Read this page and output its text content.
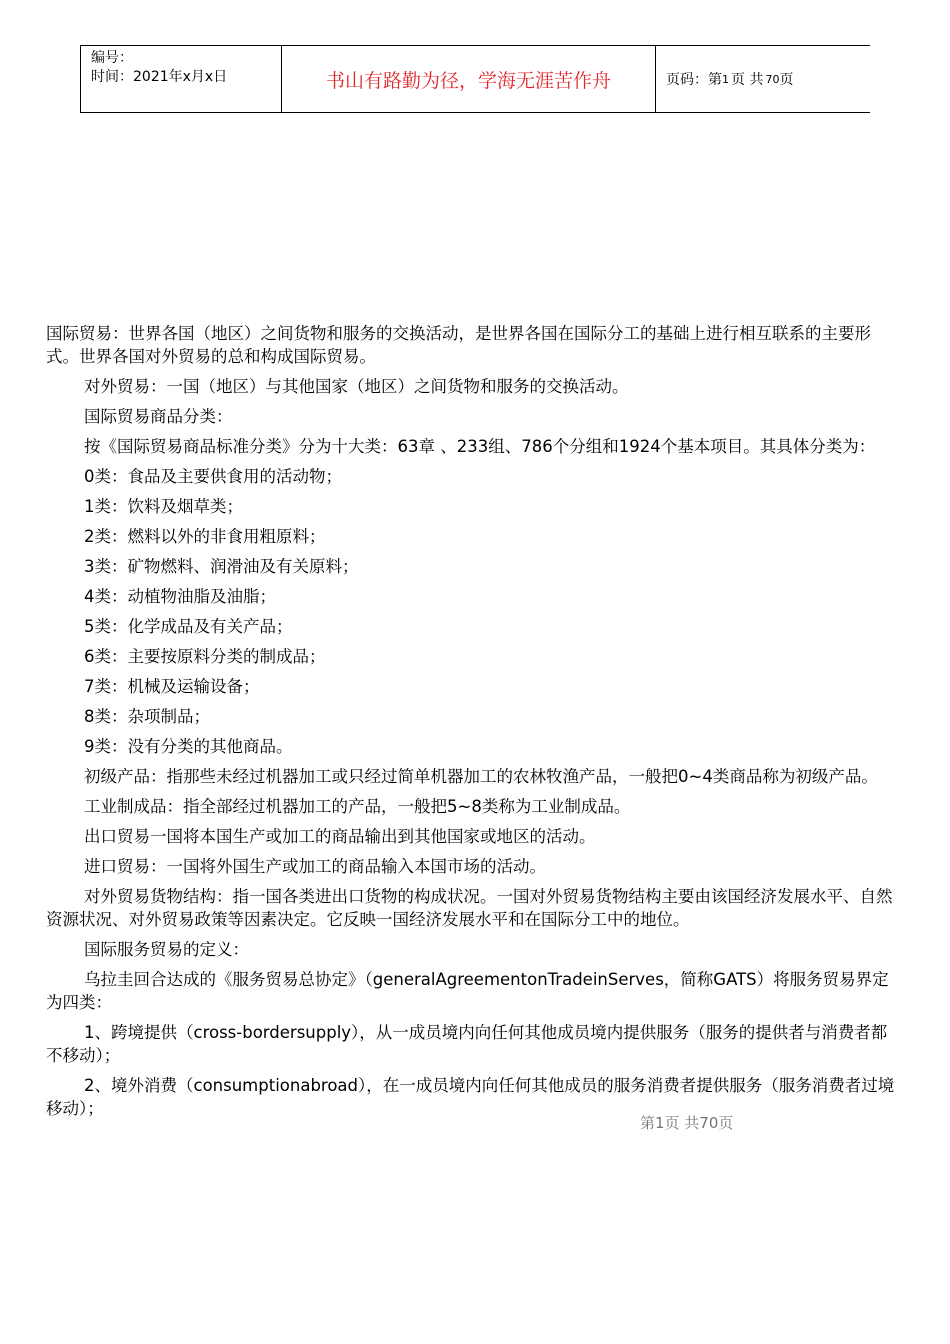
编号：
时间：2021年x月x日	书山有路勤为径，学海无涯苦作舟	页码：第 1 页 共 70 页

国际贸易：世界各国（地区）之间货物和服务的交换活动，是世界各国在国际分工的基础上进行相互联系的主要形式。世界各国对外贸易的总和构成国际贸易。

对外贸易：一国（地区）与其他国家（地区）之间货物和服务的交换活动。

国际贸易商品分类：

按《国际贸易商品标准分类》分为十大类：63章 、233组、786个分组和1924个基本项目。其具体分类为：

0类：食品及主要供食用的活动物；

1类：饮料及烟草类；

2类：燃料以外的非食用粗原料；

3类：矿物燃料、润滑油及有关原料；

4类：动植物油脂及油脂；

5类：化学成品及有关产品；

6类：主要按原料分类的制成品；

7类：机械及运输设备；

8类：杂项制品；

9类：没有分类的其他商品。

初级产品：指那些未经过机器加工或只经过简单机器加工的农林牧渔产品，一般把0~4类商品称为初级产品。

工业制成品：指全部经过机器加工的产品，一般把5~8类称为工业制成品。

出口贸易一国将本国生产或加工的商品输出到其他国家或地区的活动。

进口贸易：一国将外国生产或加工的商品输入本国市场的活动。

对外贸易货物结构：指一国各类进出口货物的构成状况。一国对外贸易货物结构主要由该国经济发展水平、自然资源状况、对外贸易政策等因素决定。它反映一国经济发展水平和在国际分工中的地位。

国际服务贸易的定义：

乌拉圭回合达成的《服务贸易总协定》（generalAgreementonTradeinServes，简称GATS）将服务贸易界定为四类：

1、跨境提供（cross-bordersupply），从一成员境内向任何其他成员境内提供服务（服务的提供者与消费者都不移动）；

2、境外消费（consumptionabroad），在一成员境内向任何其他成员的服务消费者提供服务（服务消费者过境移动）；

第1页 共70页
